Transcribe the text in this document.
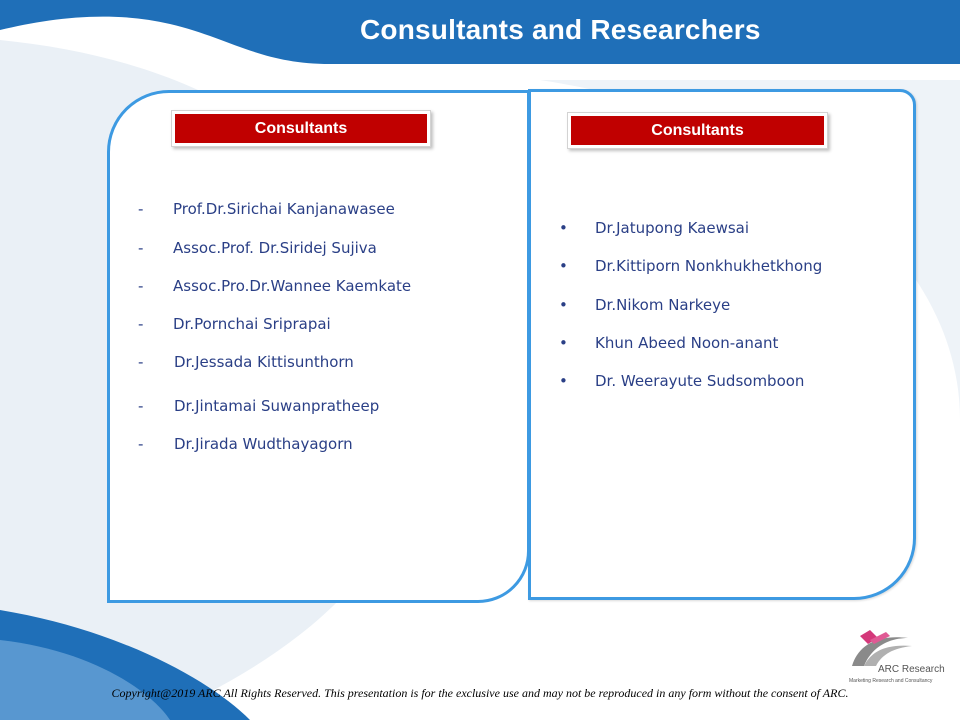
Consultants and Researchers
Consultants	Consultants
- Prof.Dr.Sirichai Kanjanawasee
- Assoc.Prof. Dr.Siridej Sujiva
- Assoc.Pro.Dr.Wannee Kaemkate
- Dr.Pornchai Sriprapai
- Dr.Jessada Kittisunthorn
- Dr.Jintamai Suwanpratheep
- Dr.Jirada Wudthayagorn
• Dr.Jatupong Kaewsai
• Dr.Kittiporn Nonkhukhetkhong
• Dr.Nikom Narkeye
• Khun Abeed Noon-anant
• Dr. Weerayute Sudsomboon
ARC Research
Marketing Research and Consultancy
Copyright@2019 ARC All Rights Reserved. This presentation is for the exclusive use and may not be reproduced in any form without the consent of ARC.
